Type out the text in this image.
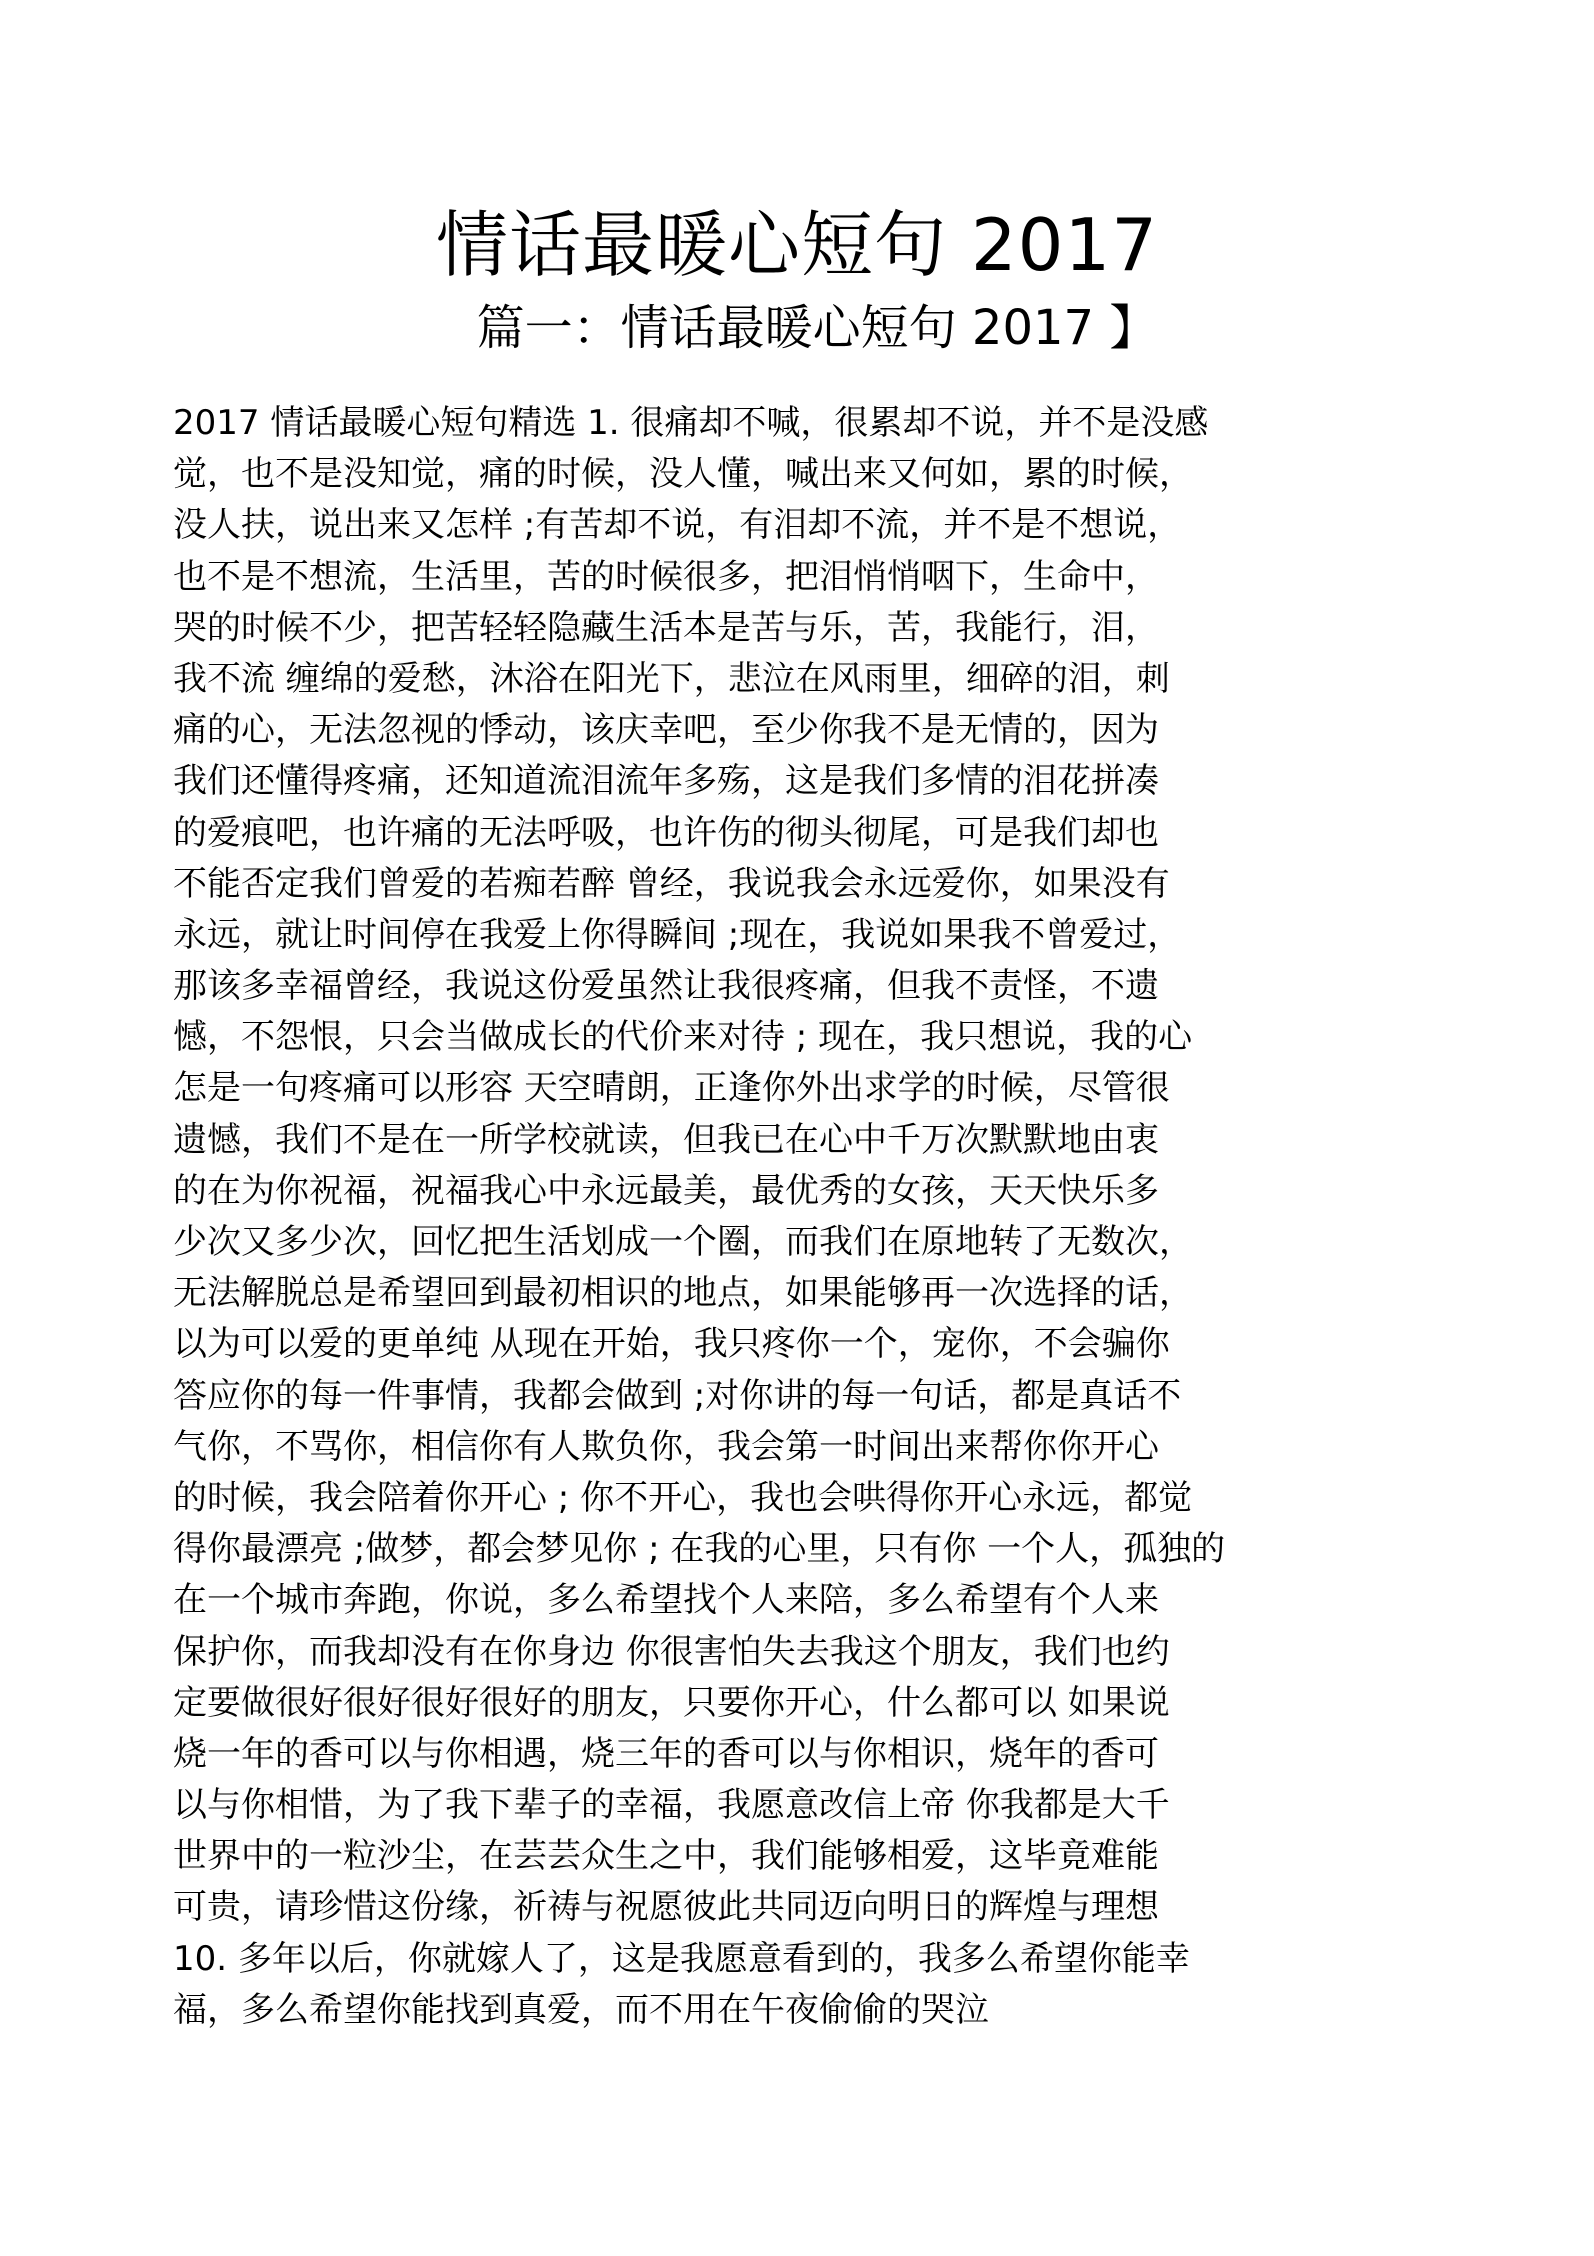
情话最暖心短句 2017
篇一：情话最暖心短句 2017 】
2017 情话最暖心短句精选 1. 很痛却不喊，很累却不说，并不是没感
觉，也不是没知觉，痛的时候，没人懂，喊出来又何如，累的时候，
没人扶，说出来又怎样 ;有苦却不说，有泪却不流，并不是不想说，
也不是不想流，生活里，苦的时候很多，把泪悄悄咽下，生命中，
哭的时候不少，把苦轻轻隐藏生活本是苦与乐，苦，我能行，泪，
我不流 缠绵的爱愁，沐浴在阳光下，悲泣在风雨里，细碎的泪，刺
痛的心，无法忽视的悸动，该庆幸吧，至少你我不是无情的，因为
我们还懂得疼痛，还知道流泪流年多殇，这是我们多情的泪花拼凑
的爱痕吧，也许痛的无法呼吸，也许伤的彻头彻尾，可是我们却也
不能否定我们曾爱的若痴若醉 曾经，我说我会永远爱你，如果没有
永远，就让时间停在我爱上你得瞬间 ;现在，我说如果我不曾爱过，
那该多幸福曾经，我说这份爱虽然让我很疼痛，但我不责怪，不遗
憾，不怨恨，只会当做成长的代价来对待 ; 现在，我只想说，我的心
怎是一句疼痛可以形容 天空晴朗，正逢你外出求学的时候，尽管很
遗憾，我们不是在一所学校就读，但我已在心中千万次默默地由衷
的在为你祝福，祝福我心中永远最美，最优秀的女孩，天天快乐多
少次又多少次，回忆把生活划成一个圈，而我们在原地转了无数次，
无法解脱总是希望回到最初相识的地点，如果能够再一次选择的话，
以为可以爱的更单纯 从现在开始，我只疼你一个，宠你，不会骗你
答应你的每一件事情，我都会做到 ;对你讲的每一句话，都是真话不
气你，不骂你，相信你有人欺负你，我会第一时间出来帮你你开心
的时候，我会陪着你开心 ; 你不开心，我也会哄得你开心永远，都觉
得你最漂亮 ;做梦，都会梦见你 ; 在我的心里，只有你 一个人，孤独的
在一个城市奔跑，你说，多么希望找个人来陪，多么希望有个人来
保护你，而我却没有在你身边 你很害怕失去我这个朋友，我们也约
定要做很好很好很好很好的朋友，只要你开心，什么都可以 如果说
烧一年的香可以与你相遇，烧三年的香可以与你相识，烧年的香可
以与你相惜，为了我下辈子的幸福，我愿意改信上帝 你我都是大千
世界中的一粒沙尘，在芸芸众生之中，我们能够相爱，这毕竟难能
可贵，请珍惜这份缘，祈祷与祝愿彼此共同迈向明日的辉煌与理想
10. 多年以后，你就嫁人了，这是我愿意看到的，我多么希望你能幸
福，多么希望你能找到真爱，而不用在午夜偷偷的哭泣
